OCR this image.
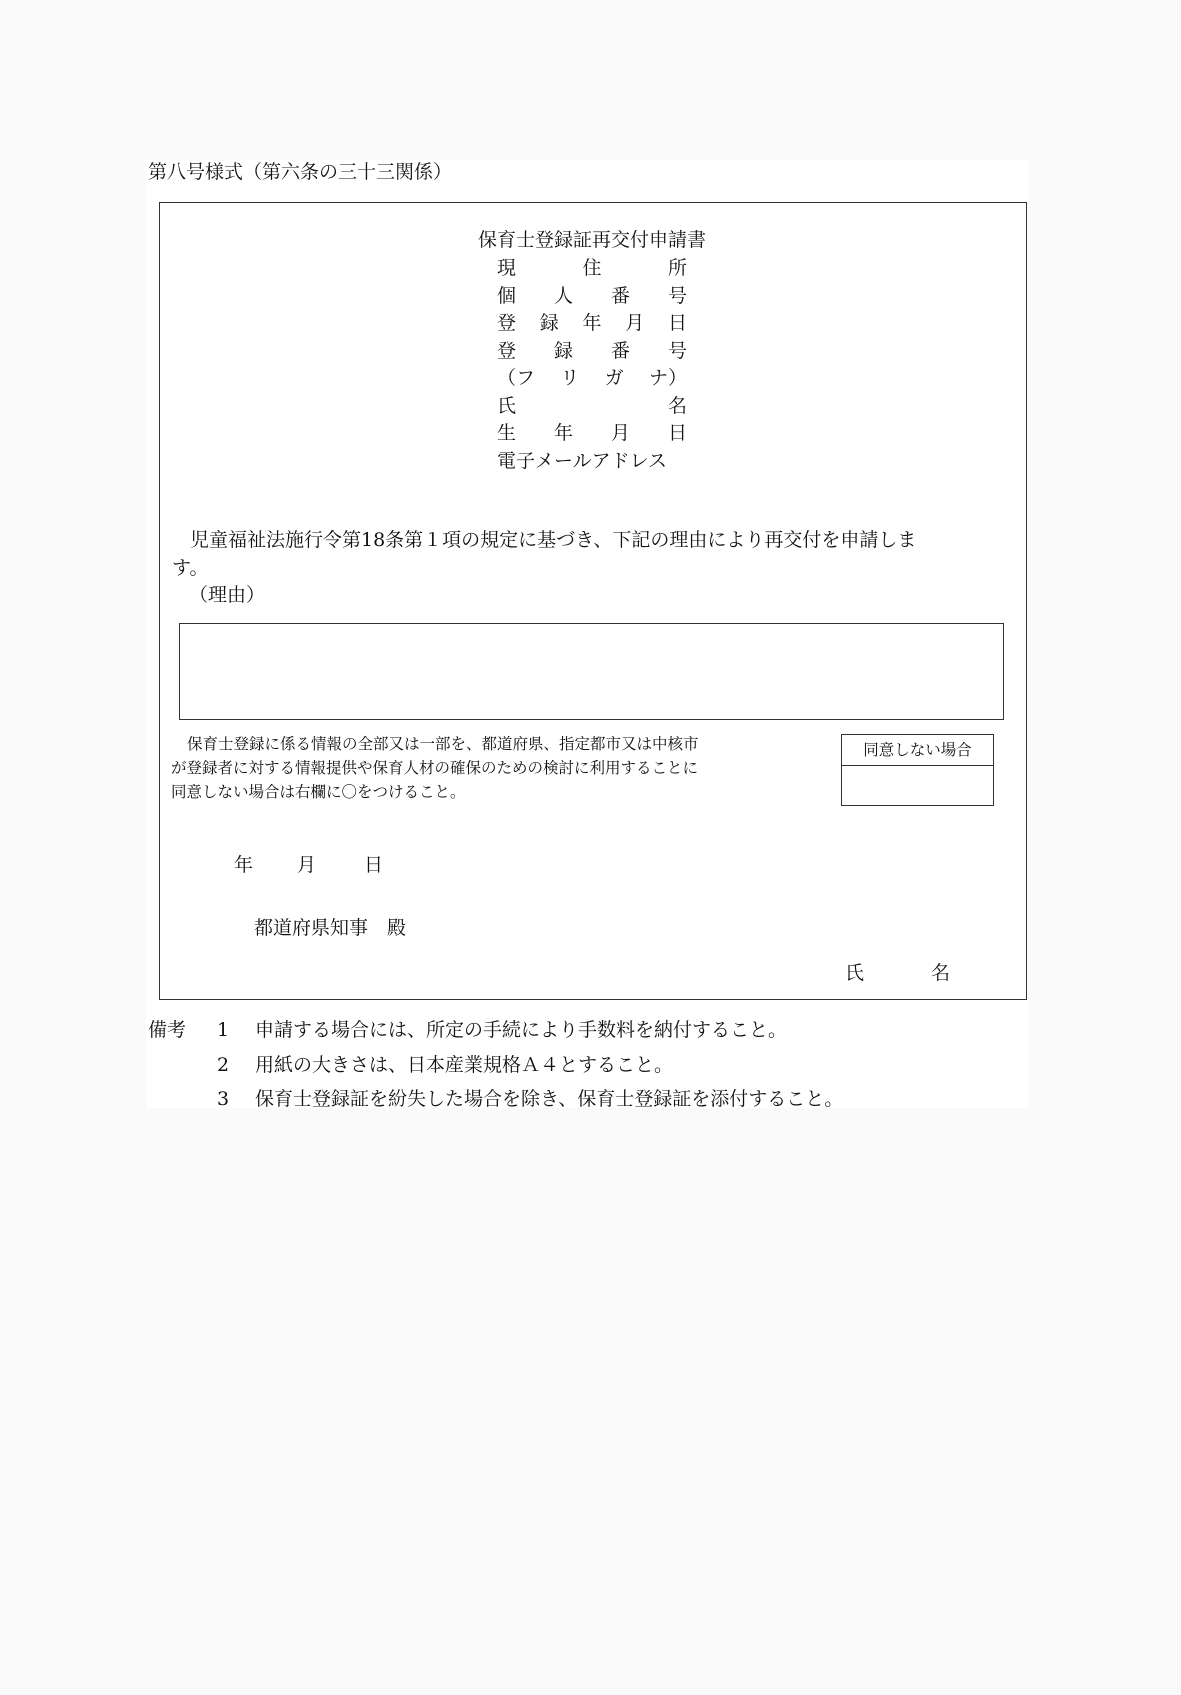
第八号様式（第六条の三十三関係）
保育士登録証再交付申請書
現	住	所
個 人 番 号
登 録 年 月 日
登 録 番 号
（フ リ ガ ナ）
氏	名
生 年 月 日
電子メールアドレス
児童福祉法施行令第18条第１項の規定に基づき、下記の理由により再交付を申請しま
す。
（理由）
保育士登録に係る情報の全部又は一部を、都道府県、指定都市又は中核市
が登録者に対する情報提供や保育人材の確保のための検討に利用することに
同意しない場合は右欄に〇をつけること。
同意しない場合
年 月	日
都道府県知事　殿
氏	名
備考 1 申請する場合には、所定の手続により手数料を納付すること。
2 用紙の大きさは、日本産業規格Ａ４とすること。
3 保育士登録証を紛失した場合を除き、保育士登録証を添付すること。
